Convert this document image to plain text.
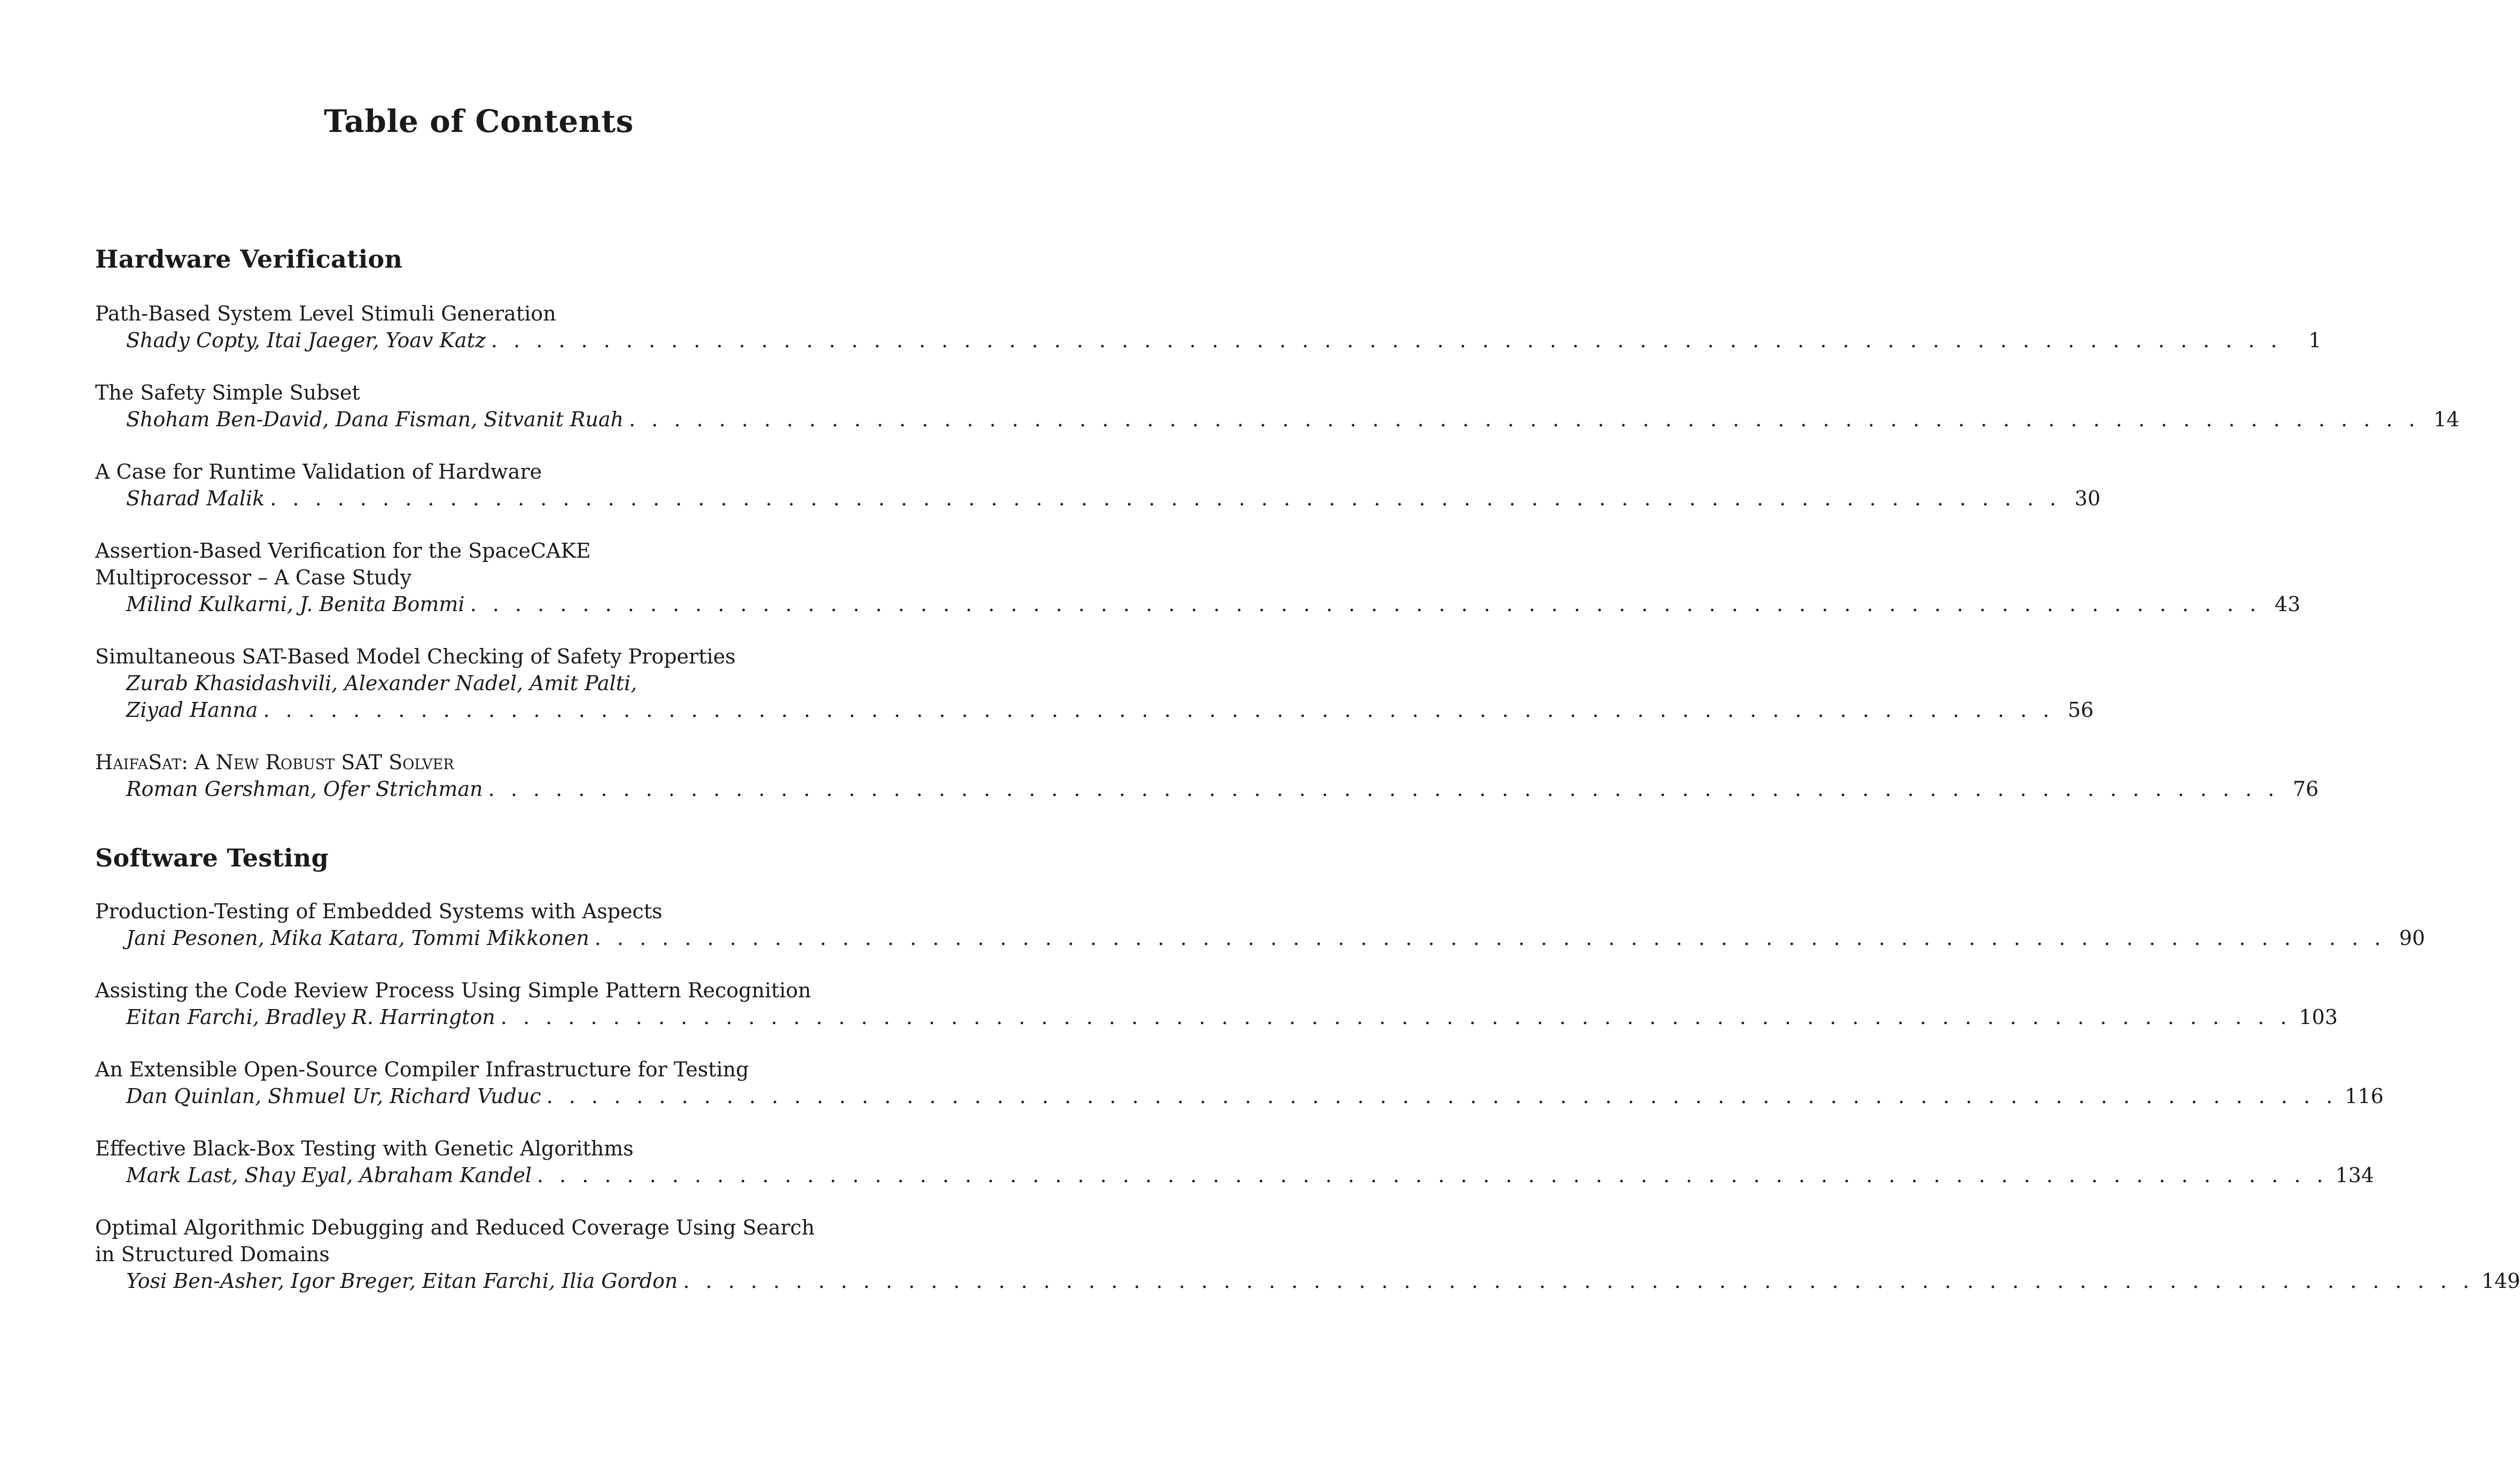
Table of Contents
Hardware Verification
Path-Based System Level Stimuli Generation
Shady Copty, Itai Jaeger, Yoav Katz . . . . . . . . . . . . . . . . . . . . . . . . . . . . . . . . . . . . . . . . . . . . . . . . . . . . . . . . . . . . . . . . . . . . . . . . . . . . . . . .	1
The Safety Simple Subset
Shoham Ben-David, Dana Fisman, Sitvanit Ruah . . . . . . . . . . . . . . . . . . . . . . . . . . . . . . . . . . . . . . . . . . . . . . . . . . . . . . . . . . . . . . . . . . . . . . . . . . . . . . . . 14
A Case for Runtime Validation of Hardware
Sharad Malik . . . . . . . . . . . . . . . . . . . . . . . . . . . . . . . . . . . . . . . . . . . . . . . . . . . . . . . . . . . . . . . . . . . . . . . . . . . . . . . . 30
Assertion-Based Verification for the SpaceCAKE
Multiprocessor – A Case Study
Milind Kulkarni, J. Benita Bommi . . . . . . . . . . . . . . . . . . . . . . . . . . . . . . . . . . . . . . . . . . . . . . . . . . . . . . . . . . . . . . . . . . . . . . . . . . . . . . . . 43
Simultaneous SAT-Based Model Checking of Safety Properties
Zurab Khasidashvili, Alexander Nadel, Amit Palti,
Ziyad Hanna . . . . . . . . . . . . . . . . . . . . . . . . . . . . . . . . . . . . . . . . . . . . . . . . . . . . . . . . . . . . . . . . . . . . . . . . . . . . . . . . 56
HaifaSat: A New Robust SAT Solver
Roman Gershman, Ofer Strichman . . . . . . . . . . . . . . . . . . . . . . . . . . . . . . . . . . . . . . . . . . . . . . . . . . . . . . . . . . . . . . . . . . . . . . . . . . . . . . . . 76
Software Testing
Production-Testing of Embedded Systems with Aspects
Jani Pesonen, Mika Katara, Tommi Mikkonen . . . . . . . . . . . . . . . . . . . . . . . . . . . . . . . . . . . . . . . . . . . . . . . . . . . . . . . . . . . . . . . . . . . . . . . . . . . . . . . . 90
Assisting the Code Review Process Using Simple Pattern Recognition
Eitan Farchi, Bradley R. Harrington . . . . . . . . . . . . . . . . . . . . . . . . . . . . . . . . . . . . . . . . . . . . . . . . . . . . . . . . . . . . . . . . . . . . . . . . . . . . . . . . 103
An Extensible Open-Source Compiler Infrastructure for Testing
Dan Quinlan, Shmuel Ur, Richard Vuduc . . . . . . . . . . . . . . . . . . . . . . . . . . . . . . . . . . . . . . . . . . . . . . . . . . . . . . . . . . . . . . . . . . . . . . . . . . . . . . . . 116
Effective Black-Box Testing with Genetic Algorithms
Mark Last, Shay Eyal, Abraham Kandel . . . . . . . . . . . . . . . . . . . . . . . . . . . . . . . . . . . . . . . . . . . . . . . . . . . . . . . . . . . . . . . . . . . . . . . . . . . . . . . . 134
Optimal Algorithmic Debugging and Reduced Coverage Using Search
in Structured Domains
Yosi Ben-Asher, Igor Breger, Eitan Farchi, Ilia Gordon . . . . . . . . . . . . . . . . . . . . . . . . . . . . . . . . . . . . . . . . . . . . . . . . . . . . . . . . . . . . . . . . . . . . . . . . . . . . . . . . 149
